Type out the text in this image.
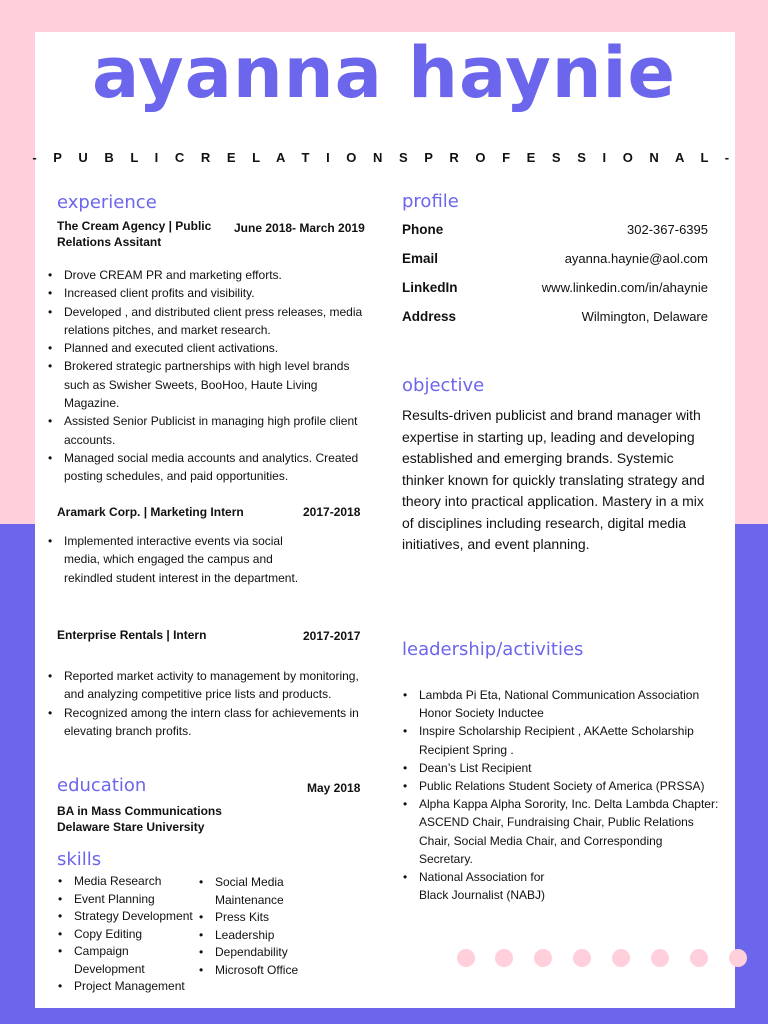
ayanna haynie
- P U B L I C R E L A T I O N S P R O F E S S I O N A L -
experience
The Cream Agency | Public
Relations Assitant
June 2018- March 2019
• Drove CREAM PR and marketing efforts.
• Increased client profits and visibility.
• Developed , and distributed client press releases, media relations pitches, and market research.
• Planned and executed client activations.
• Brokered strategic partnerships with high level brands such as Swisher Sweets, BooHoo, Haute Living Magazine.
• Assisted Senior Publicist in managing high profile client accounts.
• Managed social media accounts and analytics. Created posting schedules, and paid opportunities.
Aramark Corp. | Marketing Intern	2017-2018
• Implemented interactive events via social media, which engaged the campus and rekindled student interest in the department.
Enterprise Rentals | Intern	2017-2017
• Reported market activity to management by monitoring, and analyzing competitive price lists and products.
• Recognized among the intern class for achievements in elevating branch profits.
education	May 2018
BA in Mass Communications
Delaware Stare University
skills
• Media Research
• Event Planning
• Strategy Development
• Copy Editing
• Campaign Development
• Project Management
• Social Media Maintenance
• Press Kits
• Leadership
• Dependability
• Microsoft Office
profile
Phone	302-367-6395
Email	ayanna.haynie@aol.com
LinkedIn	www.linkedin.com/in/ahaynie
Address	Wilmington, Delaware
objective
Results-driven publicist and brand manager with expertise in starting up, leading and developing established and emerging brands. Systemic thinker known for quickly translating strategy and theory into practical application. Mastery in a mix of disciplines including research, digital media initiatives, and event planning.
leadership/activities
• Lambda Pi Eta, National Communication Association Honor Society Inductee
• Inspire Scholarship Recipient , AKAette Scholarship Recipient Spring .
• Dean’s List Recipient
• Public Relations Student Society of America (PRSSA)
• Alpha Kappa Alpha Sorority, Inc. Delta Lambda Chapter: ASCEND Chair, Fundraising Chair, Public Relations Chair, Social Media Chair, and Corresponding Secretary.
• National Association for Black Journalist (NABJ)
